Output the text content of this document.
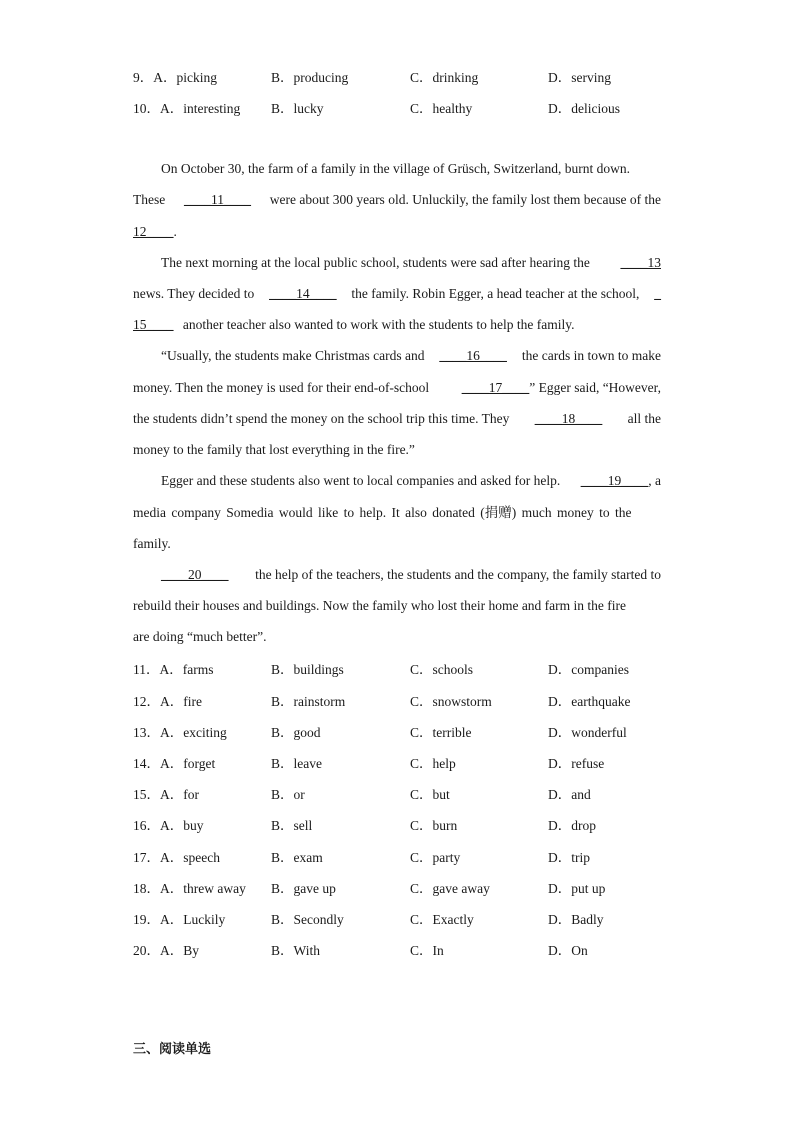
9．A．picking	B．producing	C．drinking	D．serving
10．A．interesting B．lucky	C．healthy	D．delicious
On October 30, the farm of a family in the village of Grüsch, Switzerland, burnt down.
These ____11____ were about 300 years old. Unluckily, the family lost them because of the
12____.
The next morning at the local public school, students were sad after hearing the ____13
news. They decided to ____14____ the family. Robin Egger, a head teacher at the school, _
15____ another teacher also wanted to work with the students to help the family.
“Usually, the students make Christmas cards and ____16____ the cards in town to make
money. Then the money is used for their end-of-school ____17____” Egger said, “However,
the students didn’t spend the money on the school trip this time. They ____18____ all the
money to the family that lost everything in the fire.”
Egger and these students also went to local companies and asked for help. ____19____, a
media company Somedia would like to help. It also donated (捐赠) much money to the
family.
____20____ the help of the teachers, the students and the company, the family started to
rebuild their houses and buildings. Now the family who lost their home and farm in the fire
are doing “much better”.
11．A．farms	B．buildings	C．schools	D．companies
12．A．fire	B．rainstorm	C．snowstorm	D．earthquake
13．A．exciting	B．good	C．terrible	D．wonderful
14．A．forget	B．leave	C．help	D．refuse
15．A．for	B．or	C．but	D．and
16．A．buy	B．sell	C．burn	D．drop
17．A．speech	B．exam	C．party	D．trip
18．A．threw away B．gave up	C．gave away	D．put up
19．A．Luckily	B．Secondly	C．Exactly	D．Badly
20．A．By	B．With	C．In	D．On
三、阅读单选
